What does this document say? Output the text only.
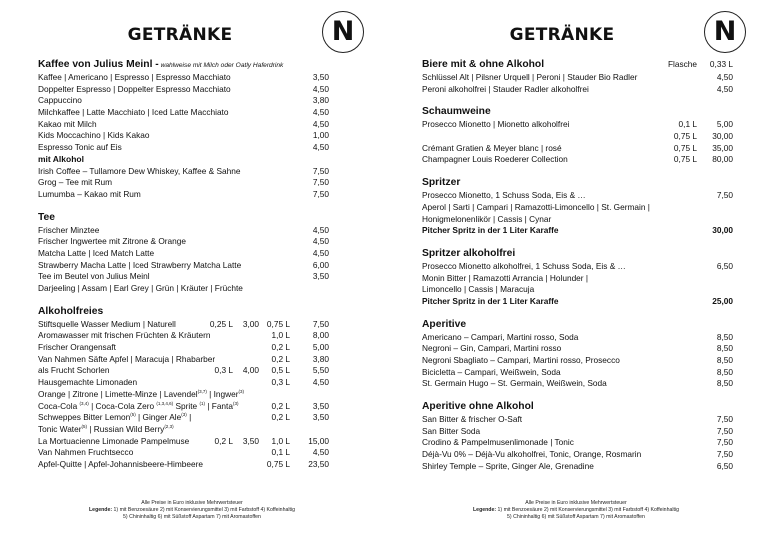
GETRÄNKE	N
Kaffee von Julius Meinl - wahlweise mit Milch oder Oatly Haferdrink
Kaffee | Americano | Espresso | Espresso Macchiato	3,50
Doppelter Espresso | Doppelter Espresso Macchiato	4,50
Cappuccino	3,80
Milchkaffee | Latte Macchiato | Iced Latte Macchiato	4,50
Kakao mit Milch	4,50
Kids Moccachino | Kids Kakao	1,00
Espresso Tonic auf Eis	4,50
mit Alkohol
Irish Coffee – Tullamore Dew Whiskey, Kaffee & Sahne	7,50
Grog – Tee mit Rum	7,50
Lumumba – Kakao mit Rum	7,50
Tee
Frischer Minztee	4,50
Frischer Ingwertee mit Zitrone & Orange	4,50
Matcha Latte | Iced Match Latte	4,50
Strawberry Macha Latte | Iced Strawberry Matcha Latte	6,00
Tee im Beutel von Julius Meinl	3,50
Darjeeling | Assam | Earl Grey | Grün | Kräuter | Früchte
Alkoholfreies
Stiftsquelle Wasser Medium | Naturell	0,25 L 3,00 0,75 L	7,50
Aromawasser mit frischen Früchten & Kräutern	1,0 L	8,00
Frischer Orangensaft	0,2 L	5,00
Van Nahmen Säfte Apfel | Maracuja | Rhabarber	0,2 L	3,80
als Frucht Schorlen	0,3 L 4,00 0,5 L	5,50
Hausgemachte Limonaden	0,3 L	4,50
Orange | Zitrone | Limette-Minze | Lavendel$^{(3,7)}$ | Ingwer$^{(3)}$
Coca-Cola $^{(3,4)}$ | Coca-Cola Zero $^{(1,3,4,6)}$ Sprite $^{(1)}$ | Fanta$^{(3)}$	0,2 L	3,50
Schweppes Bitter Lemon$^{(5)}$ | Ginger Ale$^{(3)}$ |	0,2 L	3,50
Tonic Water$^{(5)}$ | Russian Wild Berry$^{(2,3)}$
La Mortuacienne Limonade Pampelmuse	0,2 L 3,50 1,0 L 15,00
Van Nahmen Fruchtsecco	0,1 L	4,50
Apfel-Quitte | Apfel-Johannisbeere-Himbeere	0,75 L 23,50
Alle Preise in Euro inklusive Mehrwertsteuer
Legende: 1) mit Benzoesäure 2) mit Konservierungsmittel 3) mit Farbstoff 4) Koffeinhaltig
5) Chininhaltig 6) mit Süßstoff Aspartam 7) mit Aromastoffen
GETRÄNKE	N
Biere mit & ohne Alkohol	Flasche 0,33 L
Schlüssel Alt | Pilsner Urquell | Peroni | Stauder Bio Radler	4,50
Peroni alkoholfrei | Stauder Radler alkoholfrei	4,50
Schaumweine
Prosecco Mionetto | Mionetto alkoholfrei	0,1 L 5,00
0,75 L 30,00
Crémant Gratien & Meyer blanc | rosé	0,75 L 35,00
Champagner Louis Roederer Collection	0,75 L 80,00
Spritzer
Prosecco Mionetto, 1 Schuss Soda, Eis & …	7,50
Aperol | Sarti | Campari | Ramazotti-Limoncello | St. Germain |
Honigmelonenlikör | Cassis | Cynar
Pitcher Spritz in der 1 Liter Karaffe	30,00
Spritzer alkoholfrei
Prosecco Mionetto alkoholfrei, 1 Schuss Soda, Eis & …	6,50
Monin Bitter | Ramazotti Arrancia | Holunder |
Limoncello | Cassis | Maracuja
Pitcher Spritz in der 1 Liter Karaffe	25,00
Aperitive
Americano – Campari, Martini rosso, Soda	8,50
Negroni – Gin, Campari, Martini rosso	8,50
Negroni Sbagliato – Campari, Martini rosso, Prosecco	8,50
Bicicletta – Campari, Weißwein, Soda	8,50
St. Germain Hugo – St. Germain, Weißwein, Soda	8,50
Aperitive ohne Alkohol
San Bitter & frischer O-Saft	7,50
San Bitter Soda	7,50
Crodino & Pampelmusenlimonade | Tonic	7,50
Déjà-Vu 0% – Déjà-Vu alkoholfrei, Tonic, Orange, Rosmarin	7,50
Shirley Temple – Sprite, Ginger Ale, Grenadine	6,50
Alle Preise in Euro inklusive Mehrwertsteuer
Legende: 1) mit Benzoesäure 2) mit Konservierungsmittel 3) mit Farbstoff 4) Koffeinhaltig
5) Chininhaltig 6) mit Süßstoff Aspartam 7) mit Aromastoffen
